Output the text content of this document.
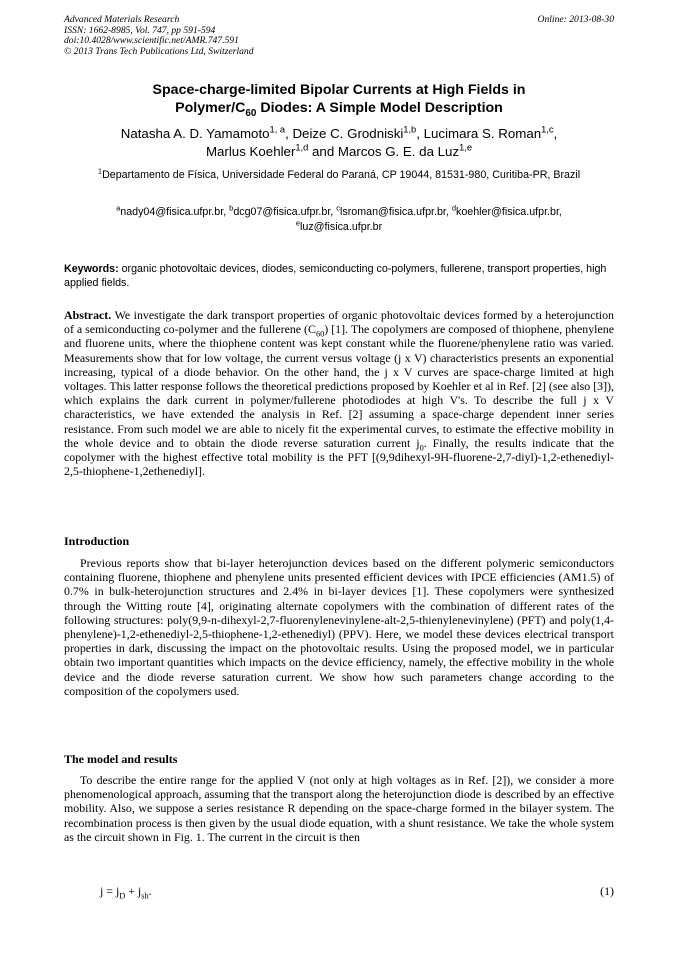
Advanced Materials Research
ISSN: 1662-8985, Vol. 747, pp 591-594
doi:10.4028/www.scientific.net/AMR.747.591
© 2013 Trans Tech Publications Ltd, Switzerland
Online: 2013-08-30
Space-charge-limited Bipolar Currents at High Fields in
Polymer/$C_{60}$ Diodes: A Simple Model Description
Natasha A. D. Yamamoto$^{1, a}$, Deize C. Grodniski$^{1,b}$, Lucimara S. Roman$^{1,c}$,
Marlus Koehler$^{1,d}$ and Marcos G. E. da Luz$^{1,e}$
$^1$Departamento de Física, Universidade Federal do Paraná, CP 19044, 81531-980, Curitiba-PR, Brazil
$^a$nady04@fisica.ufpr.br, $^b$dcg07@fisica.ufpr.br, $^c$lsroman@fisica.ufpr.br, $^d$koehler@fisica.ufpr.br,
$^e$luz@fisica.ufpr.br
Keywords: organic photovoltaic devices, diodes, semiconducting co-polymers, fullerene, transport properties, high applied fields.
Abstract. We investigate the dark transport properties of organic photovoltaic devices formed by a heterojunction of a semiconducting co-polymer and the fullerene $(C_{60})$ [1]. The copolymers are composed of thiophene, phenylene and fluorene units, where the thiophene content was kept constant while the fluorene/phenylene ratio was varied. Measurements show that for low voltage, the current versus voltage (j x V) characteristics presents an exponential increasing, typical of a diode behavior. On the other hand, the j x V curves are space-charge limited at high voltages. This latter response follows the theoretical predictions proposed by Koehler et al in Ref. [2] (see also [3]), which explains the dark current in polymer/fullerene photodiodes at high V's. To describe the full j x V characteristics, we have extended the analysis in Ref. [2] assuming a space-charge dependent inner series resistance. From such model we are able to nicely fit the experimental curves, to estimate the effective mobility in the whole device and to obtain the diode reverse saturation current $j_0$. Finally, the results indicate that the copolymer with the highest effective total mobility is the PFT [(9,9dihexyl-9H-fluorene-2,7-diyl)-1,2-ethenediyl-2,5-thiophene-1,2ethenediyl].
Introduction
Previous reports show that bi-layer heterojunction devices based on the different polymeric semiconductors containing fluorene, thiophene and phenylene units presented efficient devices with IPCE efficiencies (AM1.5) of 0.7% in bulk-heterojunction structures and 2.4% in bi-layer devices [1]. These copolymers were synthesized through the Witting route [4], originating alternate copolymers with the combination of different rates of the following structures: poly(9,9-n-dihexyl-2,7-fluorenylenevinylene-alt-2,5-thienylenevinylene) (PFT) and poly(1,4-phenylene)-1,2-ethenediyl-2,5-thiophene-1,2-ethenediyl) (PPV). Here, we model these devices electrical transport properties in dark, discussing the impact on the photovoltaic results. Using the proposed model, we in particular obtain two important quantities which impacts on the device efficiency, namely, the effective mobility in the whole device and the diode reverse saturation current. We show how such parameters change according to the composition of the copolymers used.
The model and results
To describe the entire range for the applied V (not only at high voltages as in Ref. [2]), we consider a more phenomenological approach, assuming that the transport along the heterojunction diode is described by an effective mobility. Also, we suppose a series resistance R depending on the space-charge formed in the bilayer system. The recombination process is then given by the usual diode equation, with a shunt resistance. We take the whole system as the circuit shown in Fig. 1. The current in the circuit is then
$j = j_D + j_{sh}$.	(1)
